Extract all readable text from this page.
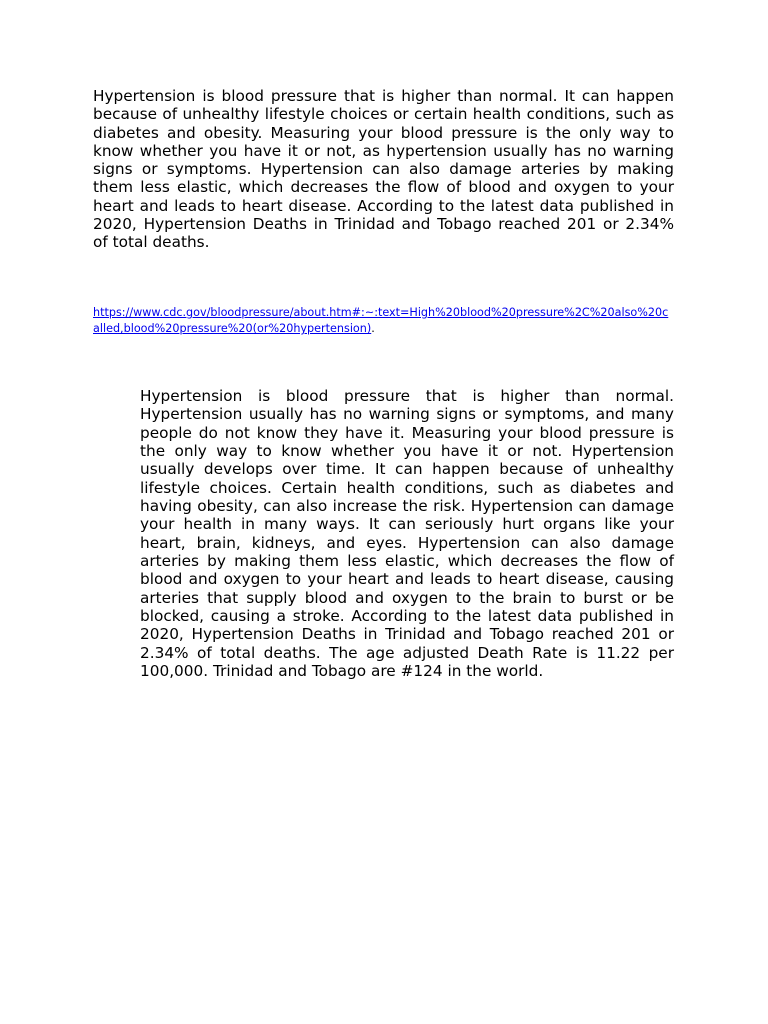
Hypertension is blood pressure that is higher than normal. It can happen because of unhealthy lifestyle choices or certain health conditions, such as diabetes and obesity. Measuring your blood pressure is the only way to know whether you have it or not, as hypertension usually has no warning signs or symptoms. Hypertension can also damage arteries by making them less elastic, which decreases the flow of blood and oxygen to your heart and leads to heart disease. According to the latest data published in 2020, Hypertension Deaths in Trinidad and Tobago reached 201 or 2.34% of total deaths.

https://www.cdc.gov/bloodpressure/about.htm#:~:text=High%20blood%20pressure%2C%20also%20called,blood%20pressure%20(or%20hypertension).

Hypertension is blood pressure that is higher than normal. Hypertension usually has no warning signs or symptoms, and many people do not know they have it. Measuring your blood pressure is the only way to know whether you have it or not. Hypertension usually develops over time. It can happen because of unhealthy lifestyle choices. Certain health conditions, such as diabetes and having obesity, can also increase the risk. Hypertension can damage your health in many ways. It can seriously hurt organs like your heart, brain, kidneys, and eyes. Hypertension can also damage arteries by making them less elastic, which decreases the flow of blood and oxygen to your heart and leads to heart disease, causing arteries that supply blood and oxygen to the brain to burst or be blocked, causing a stroke. According to the latest data published in 2020, Hypertension Deaths in Trinidad and Tobago reached 201 or 2.34% of total deaths. The age adjusted Death Rate is 11.22 per 100,000. Trinidad and Tobago are #124 in the world.
